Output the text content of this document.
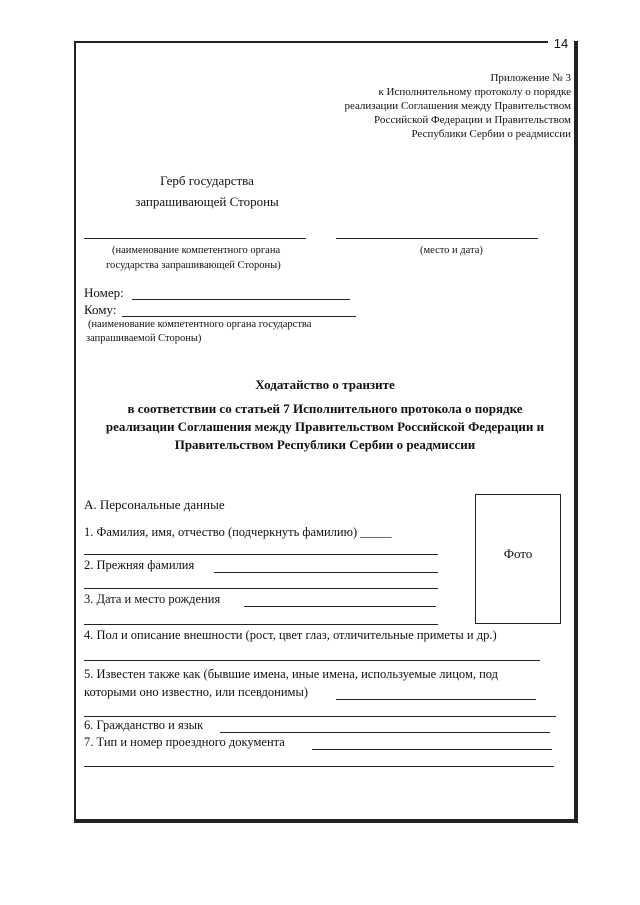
14
Приложение № 3
к Исполнительному протоколу о порядке
реализации Соглашения между Правительством
Российской Федерации и Правительством
Республики Сербии о реадмиссии
Герб государства
запрашивающей Стороны
(наименование компетентного органа
государства запрашивающей Стороны)
(место и дата)
Номер:
Кому:
(наименование компетентного органа государства
запрашиваемой Стороны)
Ходатайство о транзите
в соответствии со статьей 7 Исполнительного протокола о порядке
реализации Соглашения между Правительством Российской Федерации и
Правительством Республики Сербии о реадмиссии
А. Персональные данные
Фото
1. Фамилия, имя, отчество (подчеркнуть фамилию) _____
2. Прежняя фамилия
3. Дата и место рождения
4. Пол и описание внешности (рост, цвет глаз, отличительные приметы и др.)
5. Известен также как (бывшие имена, иные имена, используемые лицом, под
которыми оно известно, или псевдонимы)
6. Гражданство и язык
7. Тип и номер проездного документа
